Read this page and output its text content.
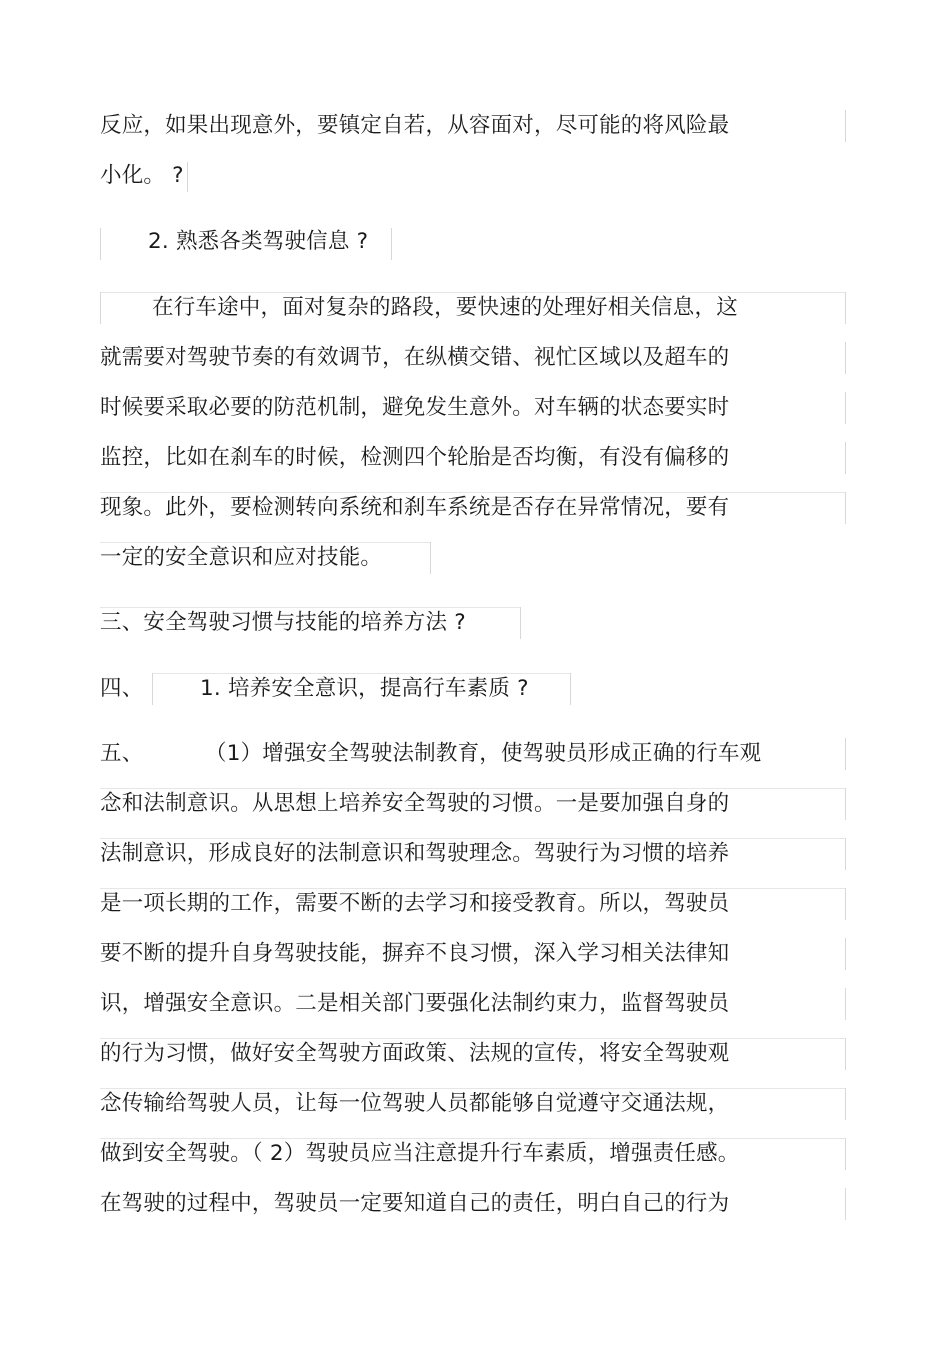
反应，如果出现意外，要镇定自若，从容面对，尽可能的将风险最
小化。 ?
2. 熟悉各类驾驶信息 ?
在行车途中，面对复杂的路段，要快速的处理好相关信息，这
就需要对驾驶节奏的有效调节，在纵横交错、视忙区域以及超车的
时候要采取必要的防范机制，避免发生意外。对车辆的状态要实时
监控，比如在刹车的时候，检测四个轮胎是否均衡，有没有偏移的
现象。此外，要检测转向系统和刹车系统是否存在异常情况，要有
一定的安全意识和应对技能。
三、安全驾驶习惯与技能的培养方法 ?
四、	1. 培养安全意识，提高行车素质 ?
五、	（1）增强安全驾驶法制教育，使驾驶员形成正确的行车观
念和法制意识。从思想上培养安全驾驶的习惯。一是要加强自身的
法制意识，形成良好的法制意识和驾驶理念。驾驶行为习惯的培养
是一项长期的工作，需要不断的去学习和接受教育。所以，驾驶员
要不断的提升自身驾驶技能，摒弃不良习惯，深入学习相关法律知
识，增强安全意识。二是相关部门要强化法制约束力，监督驾驶员
的行为习惯，做好安全驾驶方面政策、法规的宣传，将安全驾驶观
念传输给驾驶人员，让每一位驾驶人员都能够自觉遵守交通法规，
做到安全驾驶。（ 2）驾驶员应当注意提升行车素质，增强责任感。
在驾驶的过程中，驾驶员一定要知道自己的责任，明白自己的行为
